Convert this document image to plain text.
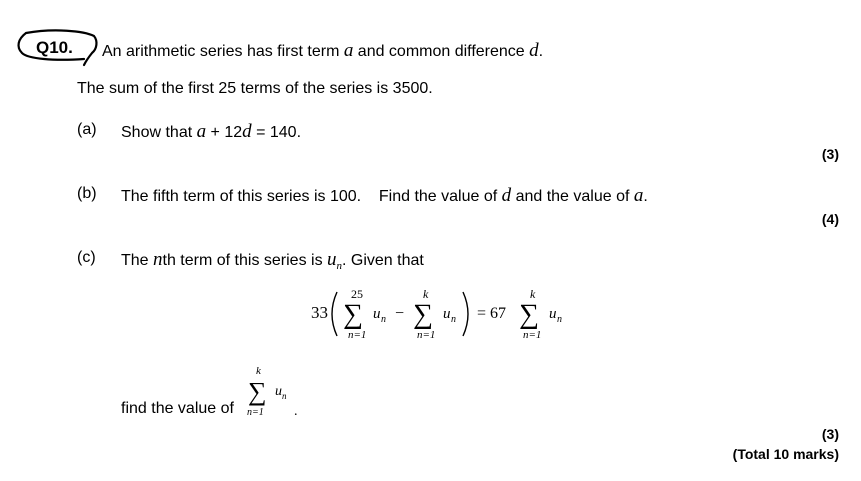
Q10. An arithmetic series has first term a and common difference d.
The sum of the first 25 terms of the series is 3500.
(a) Show that a + 12d = 140.
(3)
(b) The fifth term of this series is 100.    Find the value of d and the value of a.
(4)
(c) The nth term of this series is $u_n$. Given that
33
25
∑
n=1
u n −
k
∑
n=1
u n = 67
k
∑
n=1
u n
find the value of
k
∑
n=1
u n
.
(3)
(Total 10 marks)
